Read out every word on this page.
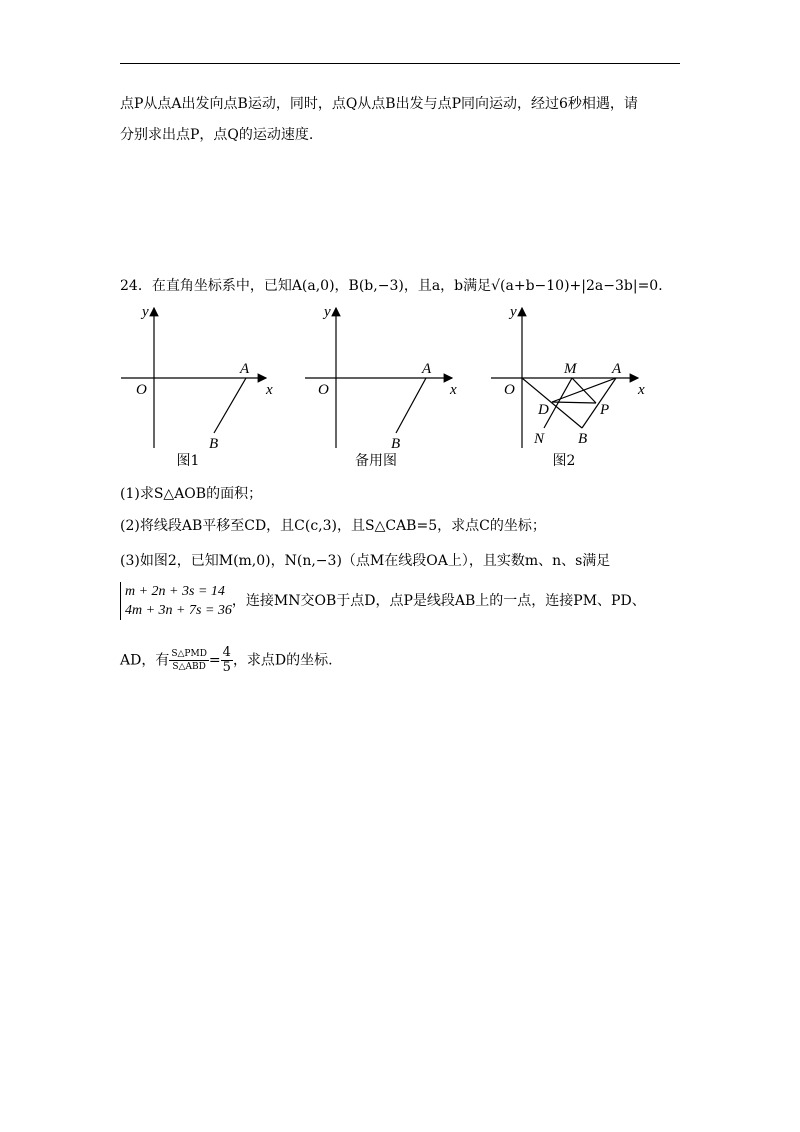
点P从点A出发向点B运动，同时，点Q从点B出发与点P同向运动，经过6秒相遇，请
分别求出点P，点Q的运动速度.
24．在直角坐标系中，已知A(a,0)，B(b,−3)，且a，b满足√(a+b−10)+|2a−3b|=0．
y
O
A
x
B
y
O
A
x
B
y
O
M A
x
D	P
N B
图1	备用图	图2
(1)求S△AOB的面积；
(2)将线段AB平移至CD，且C(c,3)，且S△CAB=5，求点C的坐标；
(3)如图2，已知M(m,0)，N(n,−3)（点M在线段OA上），且实数m、n、s满足
m + 2n + 3s = 14
4m + 3n + 7s = 36，连接MN交OB于点D，点P是线段AB上的一点，连接PM、PD、
AD，有 $\frac{\text{S△PMD}}{\text{S△ABD}} = \frac{4}{5}$ ，求点D的坐标.
